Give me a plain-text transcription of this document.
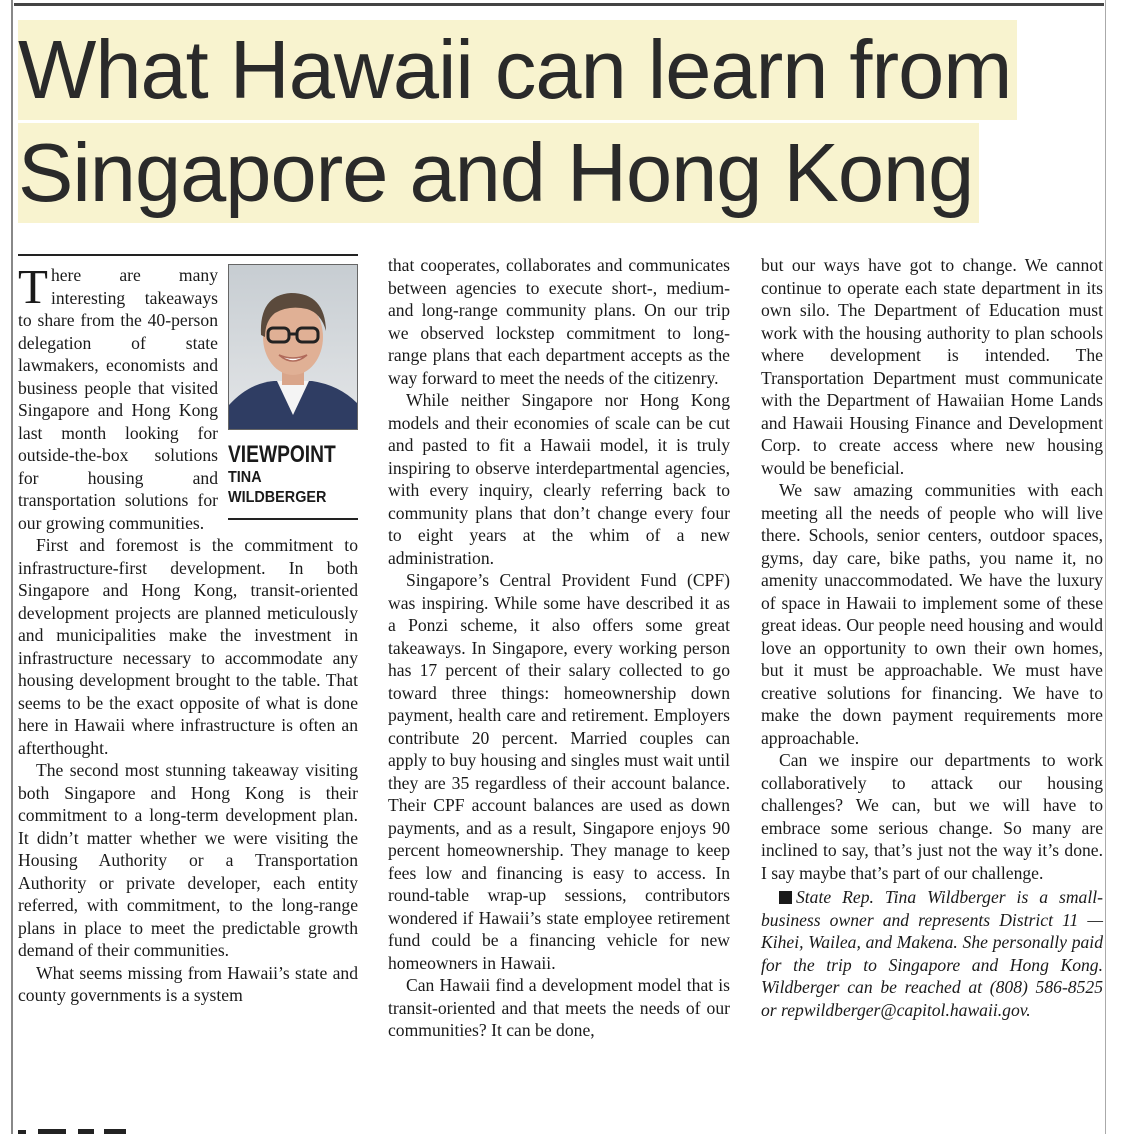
What Hawaii can learn from
Singapore and Hong Kong
VIEWPOINT
TINA
WILDBERGER

There are many interesting takeaways to share from the 40-person delegation of state lawmakers, economists and business people that visited Singapore and Hong Kong last month looking for outside-the-box solutions for housing and transportation solutions for our growing communities.

First and foremost is the commitment to infrastructure-first development. In both Singapore and Hong Kong, transit-oriented development projects are planned meticulously and municipalities make the investment in infrastructure necessary to accommodate any housing development brought to the table. That seems to be the exact opposite of what is done here in Hawaii where infrastructure is often an afterthought.

The second most stunning takeaway visiting both Singapore and Hong Kong is their commitment to a long-term development plan. It didn’t matter whether we were visiting the Housing Authority or a Transportation Authority or private developer, each entity referred, with commitment, to the long-range plans in place to meet the predictable growth demand of their communities.

What seems missing from Hawaii’s state and county governments is a system

that cooperates, collaborates and communicates between agencies to execute short-, medium- and long-range community plans. On our trip we observed lockstep commitment to long-range plans that each department accepts as the way forward to meet the needs of the citizenry.

While neither Singapore nor Hong Kong models and their economies of scale can be cut and pasted to fit a Hawaii model, it is truly inspiring to observe interdepartmental agencies, with every inquiry, clearly referring back to community plans that don’t change every four to eight years at the whim of a new administration.

Singapore’s Central Provident Fund (CPF) was inspiring. While some have described it as a Ponzi scheme, it also offers some great takeaways. In Singapore, every working person has 17 percent of their salary collected to go toward three things: homeownership down payment, health care and retirement. Employers contribute 20 percent. Married couples can apply to buy housing and singles must wait until they are 35 regardless of their account balance. Their CPF account balances are used as down payments, and as a result, Singapore enjoys 90 percent homeownership. They manage to keep fees low and financing is easy to access. In round-table wrap-up sessions, contributors wondered if Hawaii’s state employee retirement fund could be a financing vehicle for new homeowners in Hawaii.

Can Hawaii find a development model that is transit-oriented and that meets the needs of our communities? It can be done,

but our ways have got to change. We cannot continue to operate each state department in its own silo. The Department of Education must work with the housing authority to plan schools where development is intended. The Transportation Department must communicate with the Department of Hawaiian Home Lands and Hawaii Housing Finance and Development Corp. to create access where new housing would be beneficial.

We saw amazing communities with each meeting all the needs of people who will live there. Schools, senior centers, outdoor spaces, gyms, day care, bike paths, you name it, no amenity unaccommodated. We have the luxury of space in Hawaii to implement some of these great ideas. Our people need housing and would love an opportunity to own their own homes, but it must be approachable. We must have creative solutions for financing. We have to make the down payment requirements more approachable.

Can we inspire our departments to work collaboratively to attack our housing challenges? We can, but we will have to embrace some serious change. So many are inclined to say, that’s just not the way it’s done. I say maybe that’s part of our challenge.

State Rep. Tina Wildberger is a small-business owner and represents District 11 — Kihei, Wailea, and Makena. She personally paid for the trip to Singapore and Hong Kong. Wildberger can be reached at (808) 586-8525 or repwildberger@capitol.hawaii.gov.
